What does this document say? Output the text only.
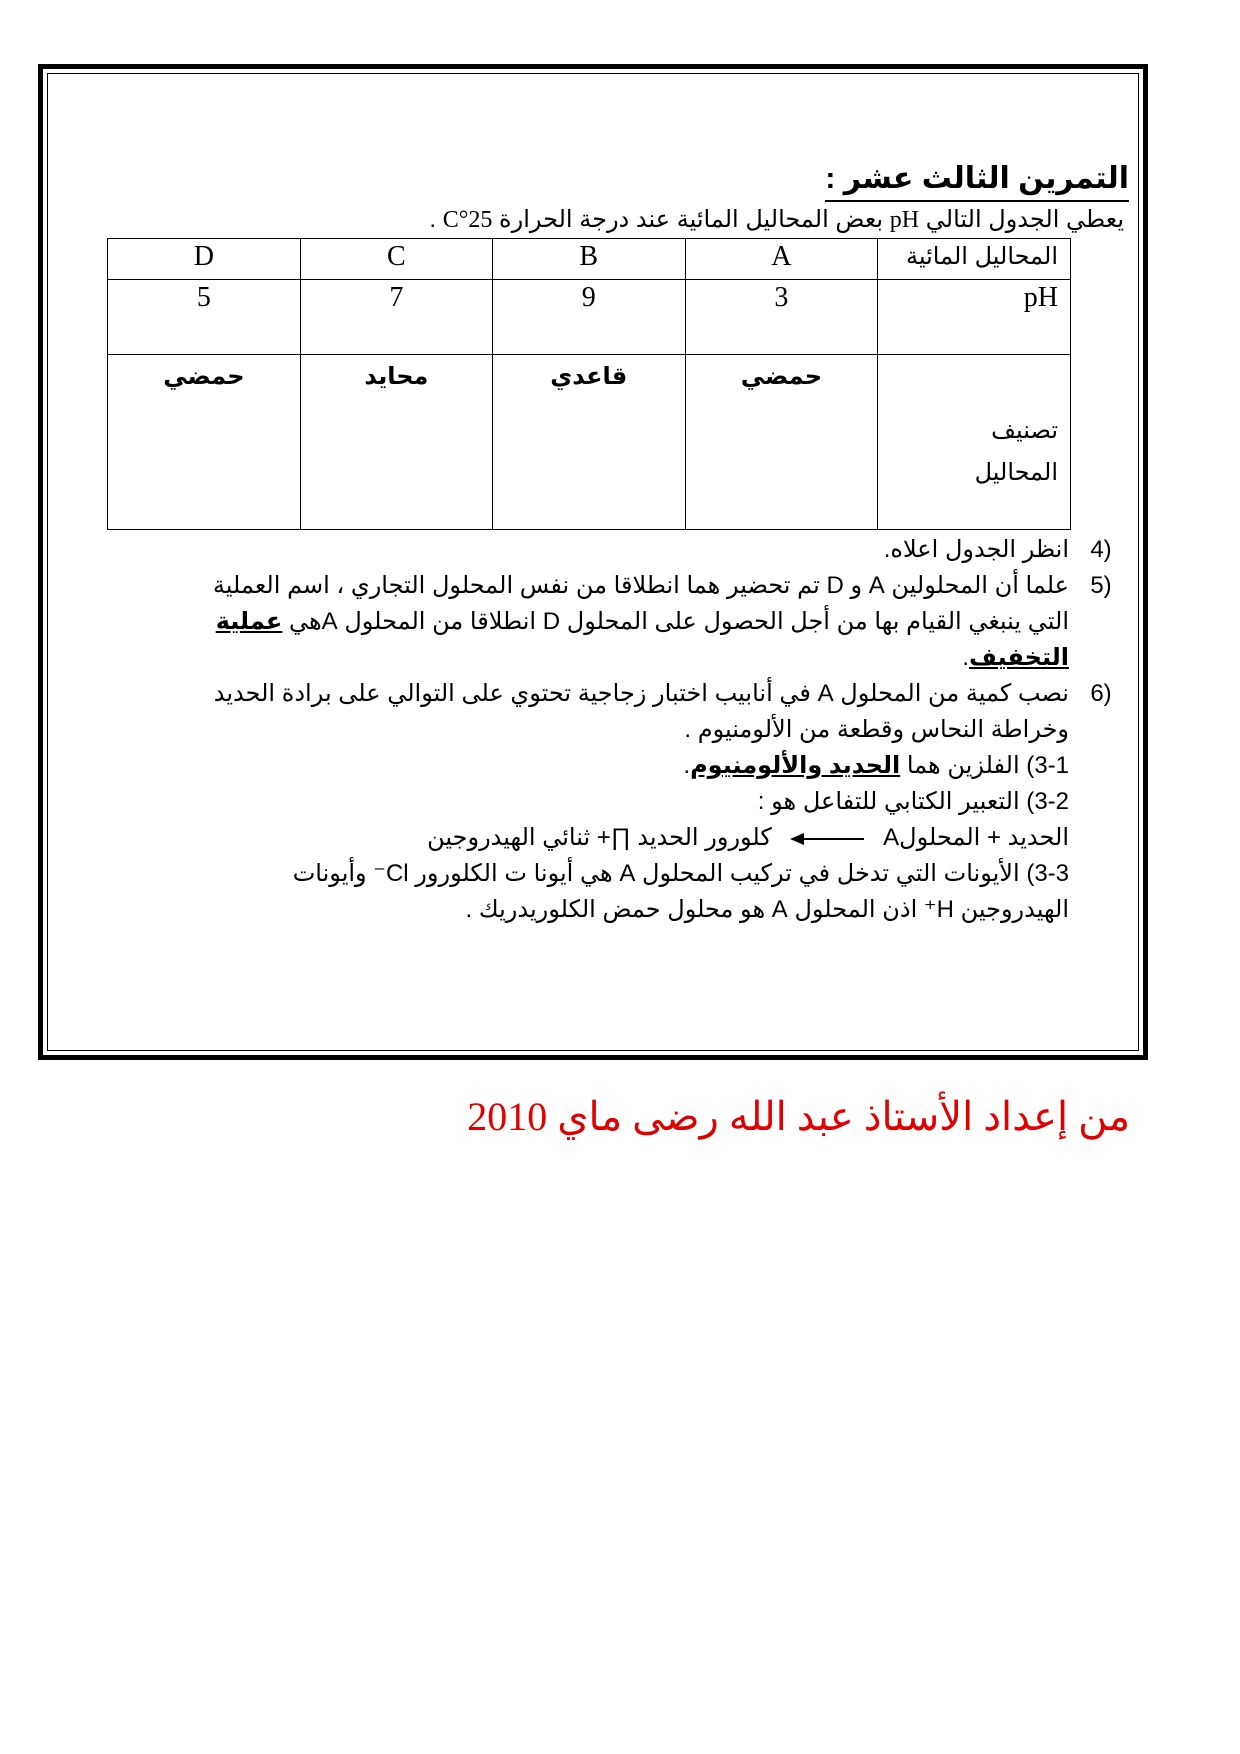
التمرين الثالث عشر :
يعطي الجدول التالي pH بعض المحاليل المائية عند درجة الحرارة 25°C .
المحاليل المائية	A	B	C	D
pH	3	9	7	5

تصنيف
المحاليل	حمضي	قاعدي	محايد	حمضي
(4
انظر الجدول اعلاه.
(5
علما أن المحلولين A و D تم تحضير هما انطلاقا من نفس المحلول التجاري ، اسم العملية التي ينبغي القيام بها من أجل الحصول على المحلول D انطلاقا من المحلول Aهي عملية التخفيف.
(6
نصب كمية من المحلول A في أنابيب اختبار زجاجية تحتوي على التوالي على برادة الحديد
وخراطة النحاس وقطعة من الألومنيوم .
3-1) الفلزين هما الحديد والألومنيوم.
3-2) التعبير الكتابي للتفاعل هو :
الحديد + المحلولA  كلورور الحديد ∏+ ثنائي الهيدروجين
3-3) الأيونات التي تدخل في تركيب المحلول A هي أيونا ت الكلورور Cl⁻ وأيونات
الهيدروجين H⁺ اذن المحلول A هو محلول حمض الكلوريدريك .
من إعداد الأستاذ عبد الله رضى ماي 2010
